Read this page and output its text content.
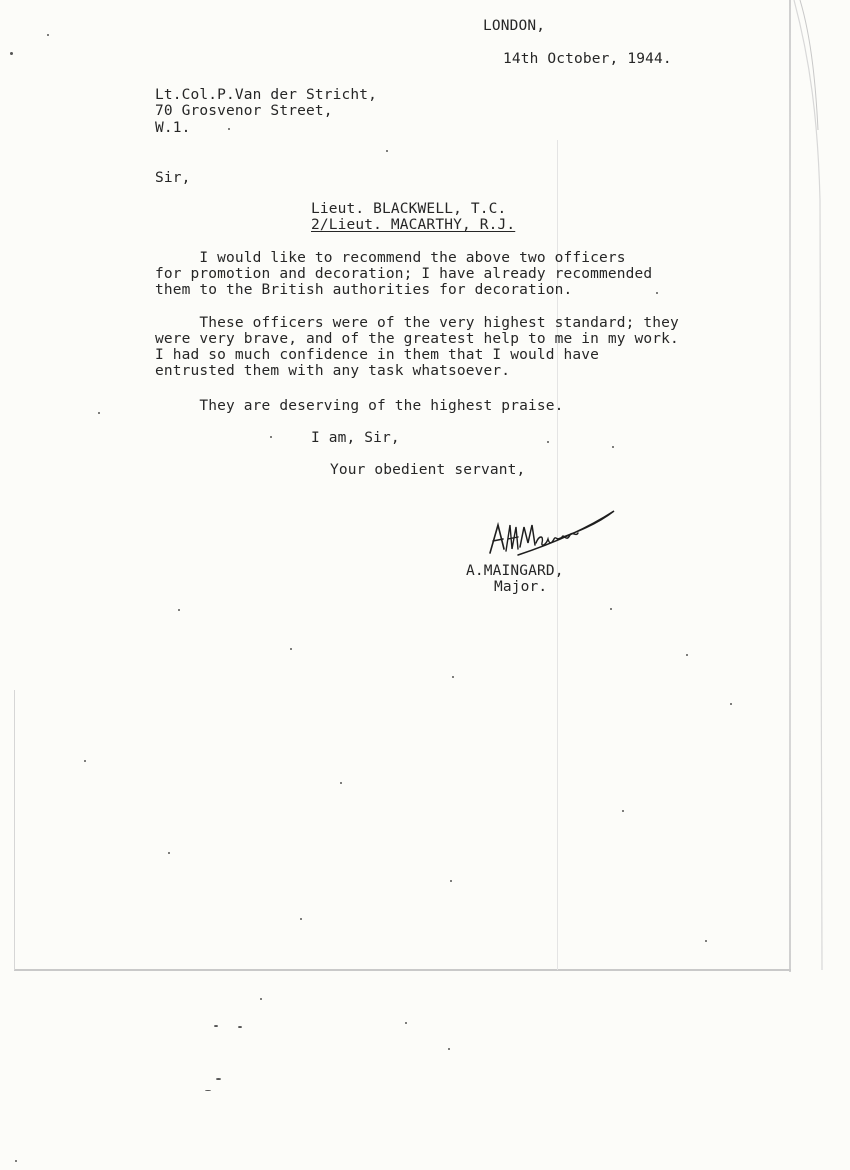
LONDON,
14th October, 1944.
Lt.Col.P.Van der Stricht,
70 Grosvenor Street,
W.1.
Sir,
Lieut. BLACKWELL, T.C.
2/Lieut. MACARTHY, R.J.
I would like to recommend the above two officers
for promotion and decoration; I have already recommended
them to the British authorities for decoration.
These officers were of the very highest standard; they
were very brave, and of the greatest help to me in my work.
I had so much confidence in them that I would have
entrusted them with any task whatsoever.
They are deserving of the highest praise.
I am, Sir,
Your obedient servant,
A.MAINGARD,
Major.
